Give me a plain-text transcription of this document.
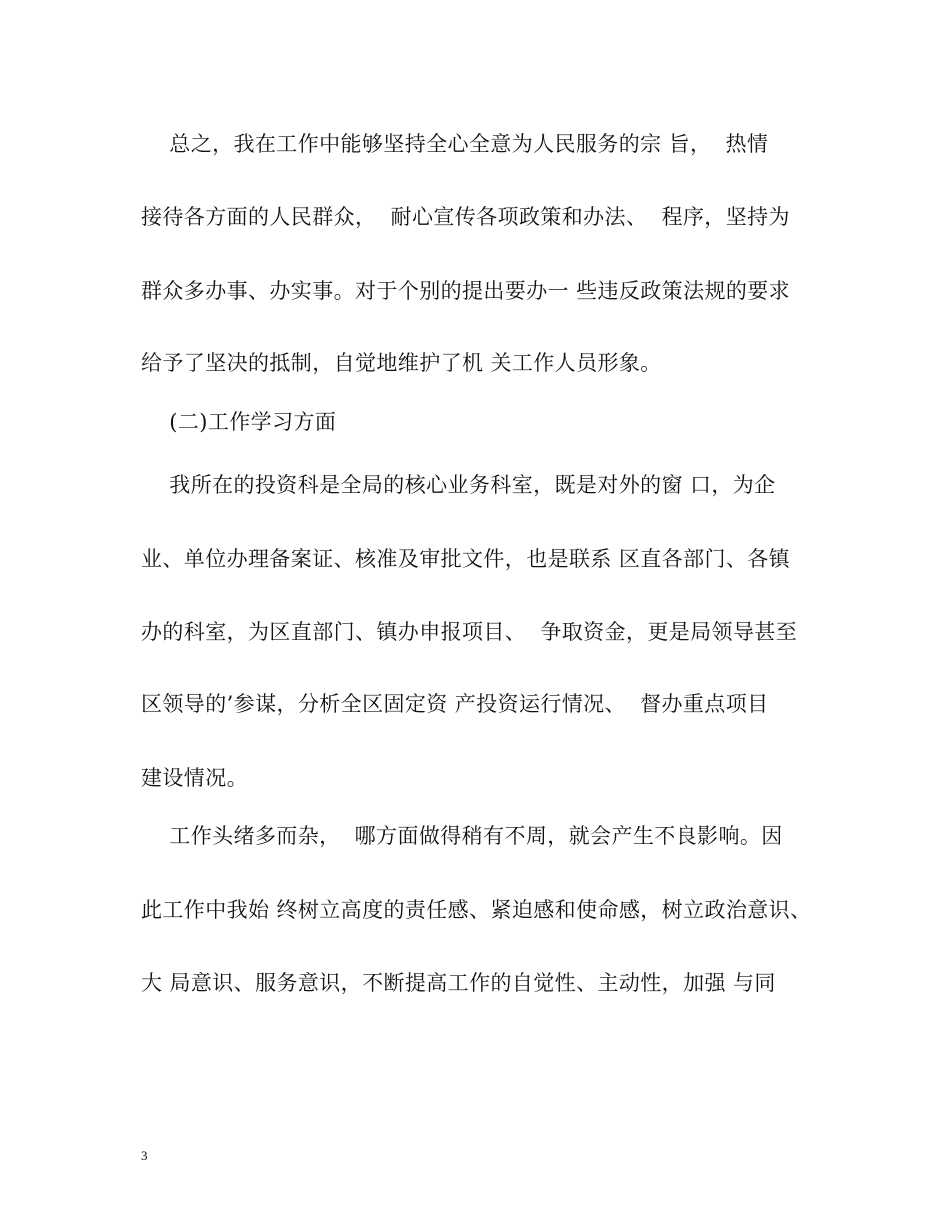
总之，我在工作中能够坚持全心全意为人民服务的宗 旨，  热情
接待各方面的人民群众，  耐心宣传各项政策和办法、  程序，坚持为
群众多办事、办实事。对于个别的提出要办一 些违反政策法规的要求
给予了坚决的抵制，自觉地维护了机 关工作人员形象。
(二)工作学习方面
我所在的投资科是全局的核心业务科室，既是对外的窗 口，为企
业、单位办理备案证、核准及审批文件，也是联系 区直各部门、各镇
办的科室，为区直部门、镇办申报项目、  争取资金，更是局领导甚至
区领导的’参谋，分析全区固定资 产投资运行情况、  督办重点项目
建设情况。
工作头绪多而杂，  哪方面做得稍有不周，就会产生不良影响。因
此工作中我始 终树立高度的责任感、紧迫感和使命感，树立政治意识、
大 局意识、服务意识，不断提高工作的自觉性、主动性，加强 与同
3
